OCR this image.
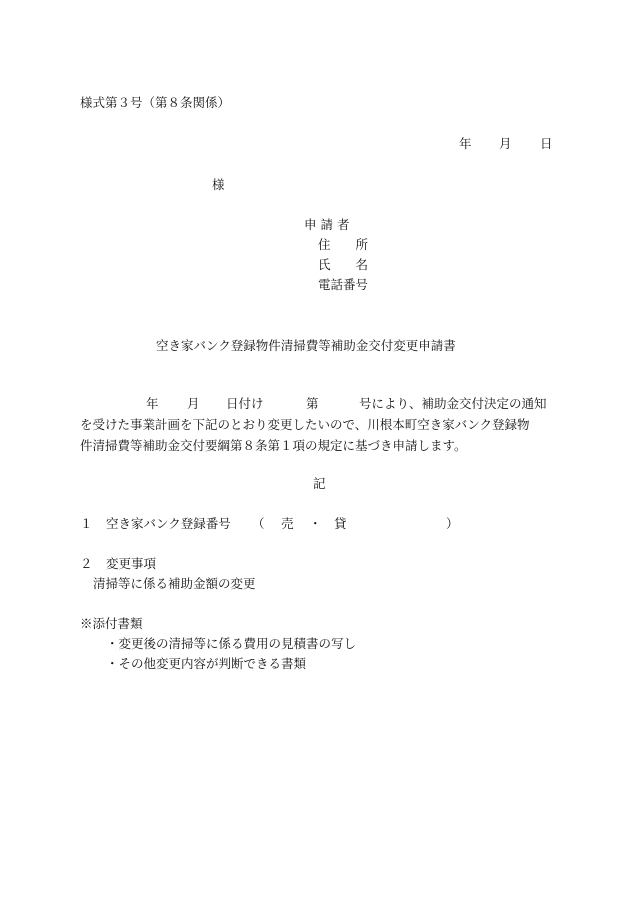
様式第３号（第８条関係）
年 月 日
様
申 請 者
住　　所
氏　　名
電話番号
空き家バンク登録物件清掃費等補助金交付変更申請書
年 月 日付け	第	号により、補助金交付決定の通知
を受けた事業計画を下記のとおり変更したいので、川根本町空き家バンク登録物
件清掃費等補助金交付要綱第８条第１項の規定に基づき申請します。
記
１ 空き家バンク登録番号 （ 売 ・ 貸	）
２ 変更事項
清掃等に係る補助金額の変更
※添付書類
・変更後の清掃等に係る費用の見積書の写し
・その他変更内容が判断できる書類
